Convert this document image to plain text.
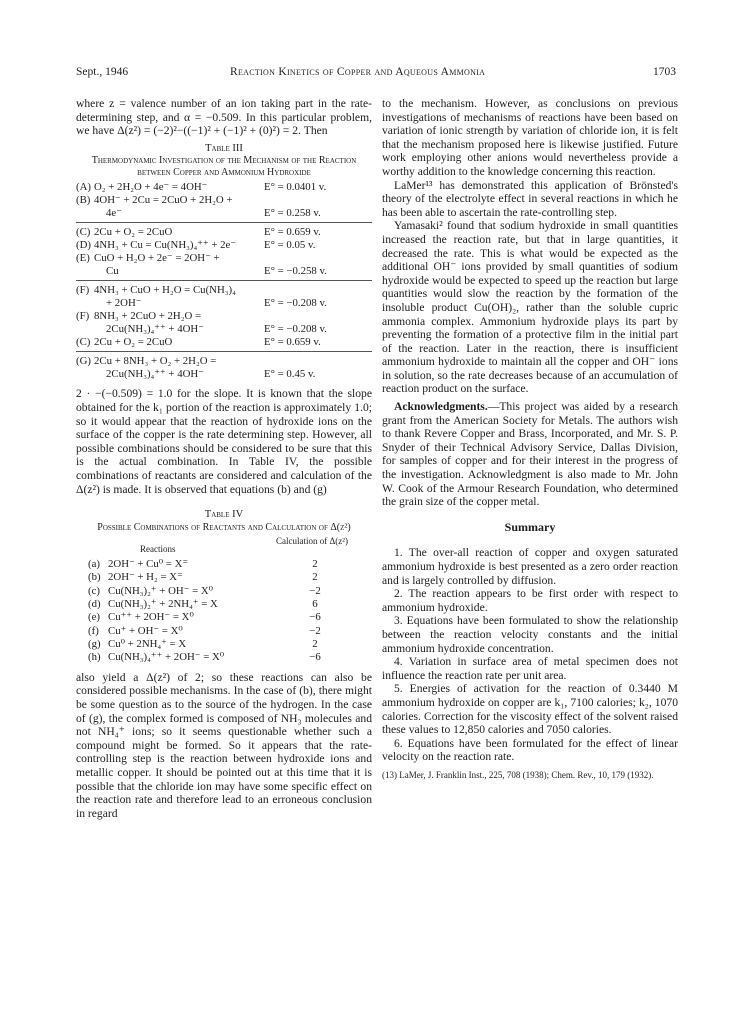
Sept., 1946	Reaction Kinetics of Copper and Aqueous Ammonia	1703

where z = valence number of an ion taking part in the rate-determining step, and α = −0.509. In this particular problem, we have Δ(z²) = (−2)²−((−1)² + (−1)² + (0)²) = 2. Then

Table III
Thermodynamic Investigation of the Mechanism of the Reaction between Copper and Ammonium Hydroxide
(A) O₂ + 2H₂O + 4e⁻ = 4OH⁻	E° = 0.0401 v.
(B) 4OH⁻ + 2Cu = 2CuO + 2H₂O +
4e⁻	E° = 0.258 v.
(C) 2Cu + O₂ = 2CuO	E° = 0.659 v.
(D) 4NH₃ + Cu = Cu(NH₃)₄⁺⁺ + 2e⁻	E° = 0.05 v.
(E) CuO + H₂O + 2e⁻ = 2OH⁻ +
Cu	E° = −0.258 v.
(F) 4NH₃ + CuO + H₂O = Cu(NH₃)₄
+ 2OH⁻	E° = −0.208 v.
(F) 8NH₃ + 2CuO + 2H₂O =
2Cu(NH₃)₄⁺⁺ + 4OH⁻	E° = −0.208 v.
(C) 2Cu + O₂ = 2CuO	E° = 0.659 v.
(G) 2Cu + 8NH₃ + O₂ + 2H₂O =
2Cu(NH₃)₄⁺⁺ + 4OH⁻	E° = 0.45 v.

2 · −(−0.509) = 1.0 for the slope. It is known that the slope obtained for the k₁ portion of the reaction is approximately 1.0; so it would appear that the reaction of hydroxide ions on the surface of the copper is the rate determining step. However, all possible combinations should be considered to be sure that this is the actual combination. In Table IV, the possible combinations of reactants are considered and calculation of the Δ(z²) is made. It is observed that equations (b) and (g)

Table IV
Possible Combinations of Reactants and Calculation of Δ(z²)
Reactions
Calculation of Δ(z²)
(a) 2OH⁻ + Cu⁰ = X⁼	2
(b) 2OH⁻ + H₂ = X⁼	2
(c) Cu(NH₃)₂⁺ + OH⁻ = X⁰	−2
(d) Cu(NH₃)₂⁺ + 2NH₄⁺ = X	6
(e) Cu⁺⁺ + 2OH⁻ = X⁰	−6
(f) Cu⁺ + OH⁻ = X⁰	−2
(g) Cu⁰ + 2NH₄⁺ = X	2
(h) Cu(NH₃)₄⁺⁺ + 2OH⁻ = X⁰	−6

also yield a Δ(z²) of 2; so these reactions can also be considered possible mechanisms. In the case of (b), there might be some question as to the source of the hydrogen. In the case of (g), the complex formed is composed of NH₃ molecules and not NH₄⁺ ions; so it seems questionable whether such a compound might be formed. So it appears that the rate-controlling step is the reaction between hydroxide ions and metallic copper. It should be pointed out at this time that it is possible that the chloride ion may have some specific effect on the reaction rate and therefore lead to an erroneous conclusion in regard

to the mechanism. However, as conclusions on previous investigations of mechanisms of reactions have been based on variation of ionic strength by variation of chloride ion, it is felt that the mechanism proposed here is likewise justified. Future work employing other anions would nevertheless provide a worthy addition to the knowledge concerning this reaction.

LaMer¹³ has demonstrated this application of Brönsted's theory of the electrolyte effect in several reactions in which he has been able to ascertain the rate-controlling step.

Yamasaki² found that sodium hydroxide in small quantities increased the reaction rate, but that in large quantities, it decreased the rate. This is what would be expected as the additional OH⁻ ions provided by small quantities of sodium hydroxide would be expected to speed up the reaction but large quantities would slow the reaction by the formation of the insoluble product Cu(OH)₂, rather than the soluble cupric ammonia complex. Ammonium hydroxide plays its part by preventing the formation of a protective film in the initial part of the reaction. Later in the reaction, there is insufficient ammonium hydroxide to maintain all the copper and OH⁻ ions in solution, so the rate decreases because of an accumulation of reaction product on the surface.

Acknowledgments.—This project was aided by a research grant from the American Society for Metals. The authors wish to thank Revere Copper and Brass, Incorporated, and Mr. S. P. Snyder of their Technical Advisory Service, Dallas Division, for samples of copper and for their interest in the progress of the investigation. Acknowledgment is also made to Mr. John W. Cook of the Armour Research Foundation, who determined the grain size of the copper metal.

Summary

1. The over-all reaction of copper and oxygen saturated ammonium hydroxide is best presented as a zero order reaction and is largely controlled by diffusion.

2. The reaction appears to be first order with respect to ammonium hydroxide.

3. Equations have been formulated to show the relationship between the reaction velocity constants and the initial ammonium hydroxide concentration.

4. Variation in surface area of metal specimen does not influence the reaction rate per unit area.

5. Energies of activation for the reaction of 0.3440 M ammonium hydroxide on copper are k₁, 7100 calories; k₂, 1070 calories. Correction for the viscosity effect of the solvent raised these values to 12,850 calories and 7050 calories.

6. Equations have been formulated for the effect of linear velocity on the reaction rate.

(13) LaMer, J. Franklin Inst., 225, 708 (1938); Chem. Rev., 10, 179 (1932).
